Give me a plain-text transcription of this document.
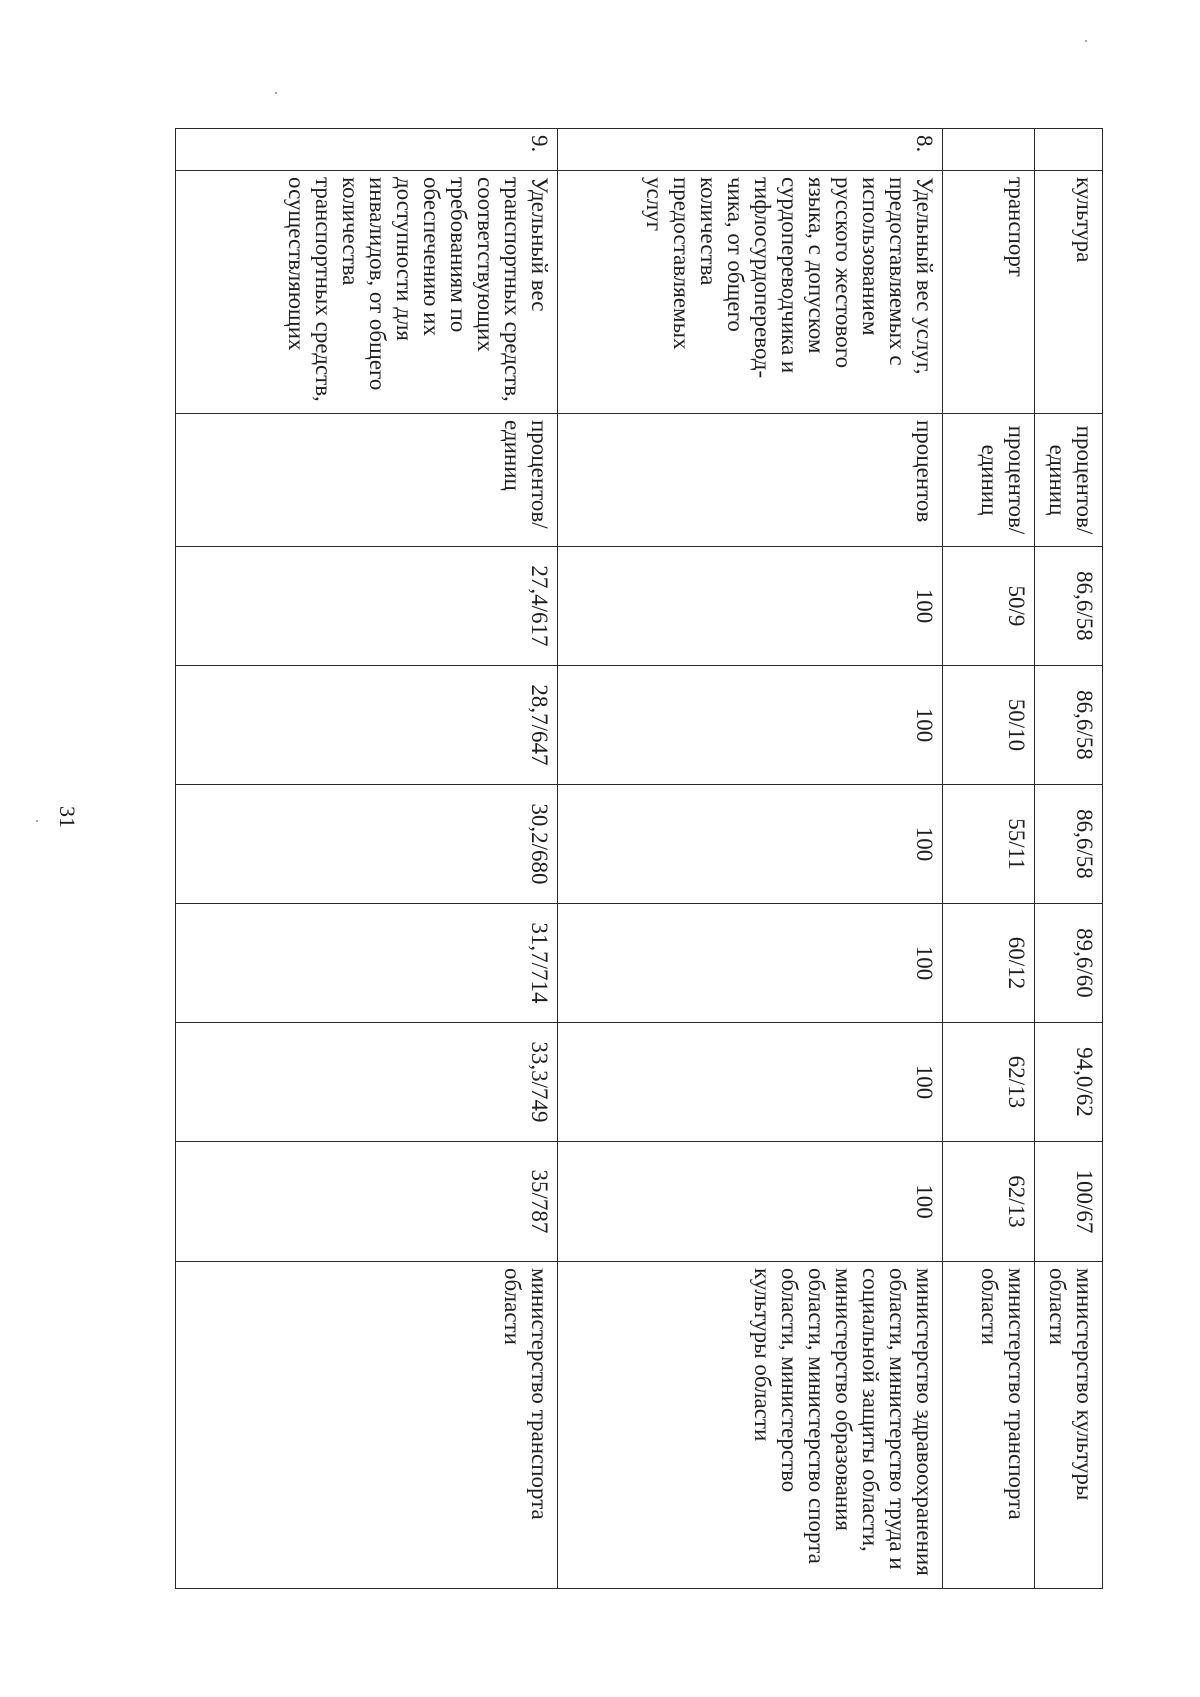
31
	культура	процентов/ единиц	86,6/58	86,6/58	86,6/58	89,6/60	94,0/62	100/67	министерство культуры области
	транспорт	процентов/ единиц	50/9	50/10	55/11	60/12	62/13	62/13	министерство транспорта области
8.	Удельный вес услуг, предоставляемых с использованием русского жестового языка, с допуском сурдопереводчика и тифлосурдоперевод-чика, от общего количества предоставляемых услуг	процентов	100	100	100	100	100	100	министерство здравоохранения области, министерство труда и социальной защиты области, министерство образования области, министерство спорта области, министерство культуры области
9.	Удельный вес транспортных средств, соответствующих требованиям по обеспечению их доступности для инвалидов, от общего количества транспортных средств, осуществляющих	процентов/ единиц	27,4/617	28,7/647	30,2/680	31,7/714	33,3/749	35/787	министерство транспорта области
